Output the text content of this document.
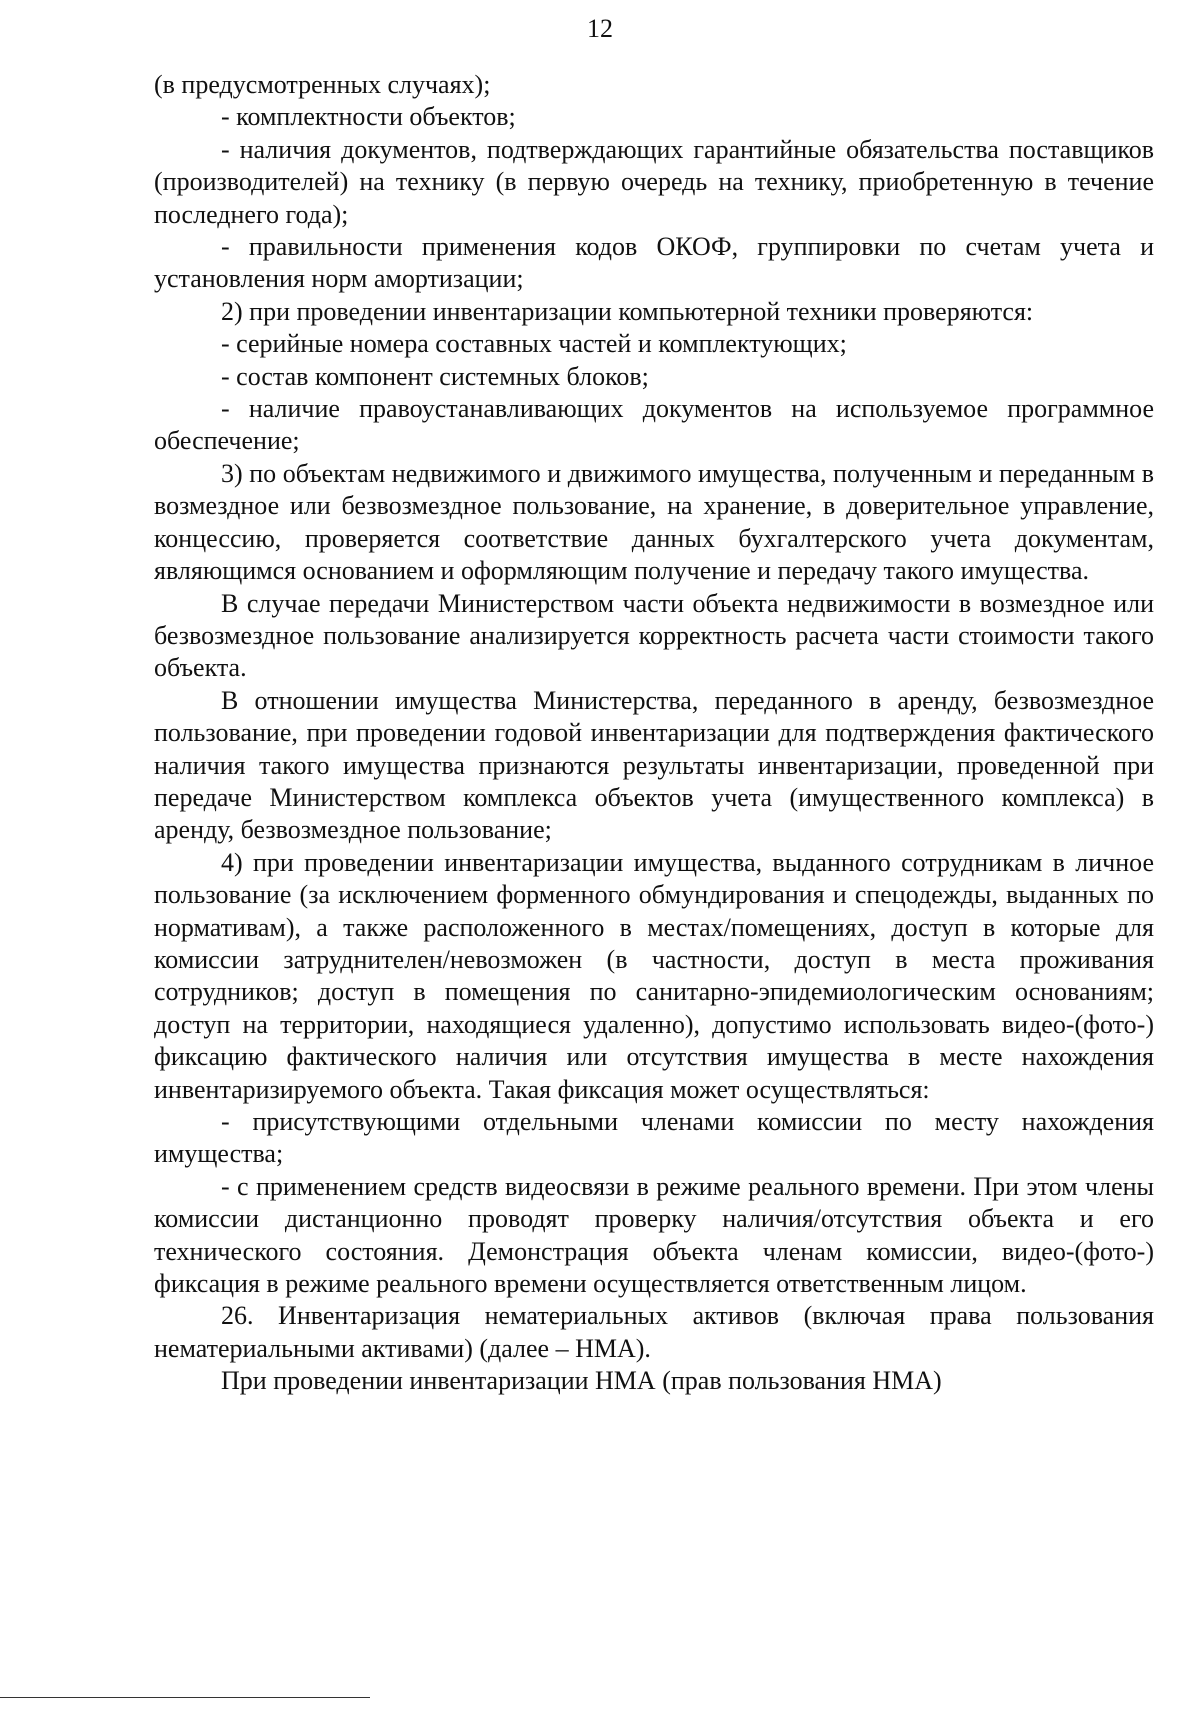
12

(в предусмотренных случаях);

- комплектности объектов;

- наличия документов, подтверждающих гарантийные обязательства поставщиков (производителей) на технику (в первую очередь на технику, приобретенную в течение последнего года);

- правильности применения кодов ОКОФ, группировки по счетам учета и установления норм амортизации;

2) при проведении инвентаризации компьютерной техники проверяются:

- серийные номера составных частей и комплектующих;

- состав компонент системных блоков;

- наличие правоустанавливающих документов на используемое программное обеспечение;

3) по объектам недвижимого и движимого имущества, полученным и переданным в возмездное или безвозмездное пользование, на хранение, в доверительное управление, концессию, проверяется соответствие данных бухгалтерского учета документам, являющимся основанием и оформляющим получение и передачу такого имущества.

В случае передачи Министерством части объекта недвижимости в возмездное или безвозмездное пользование анализируется корректность расчета части стоимости такого объекта.

В отношении имущества Министерства, переданного в аренду, безвозмездное пользование, при проведении годовой инвентаризации для подтверждения фактического наличия такого имущества признаются результаты инвентаризации, проведенной при передаче Министерством комплекса объектов учета (имущественного комплекса) в аренду, безвозмездное пользование;

4) при проведении инвентаризации имущества, выданного сотрудникам в личное пользование (за исключением форменного обмундирования и спецодежды, выданных по нормативам), а также расположенного в местах/помещениях, доступ в которые для комиссии затруднителен/невозможен (в частности, доступ в места проживания сотрудников; доступ в помещения по санитарно-эпидемиологическим основаниям; доступ на территории, находящиеся удаленно), допустимо использовать видео-(фото-) фиксацию фактического наличия или отсутствия имущества в месте нахождения инвентаризируемого объекта. Такая фиксация может осуществляться:

- присутствующими отдельными членами комиссии по месту нахождения имущества;

- с применением средств видеосвязи в режиме реального времени. При этом члены комиссии дистанционно проводят проверку наличия/отсутствия объекта и его технического состояния. Демонстрация объекта членам комиссии, видео-(фото-) фиксация в режиме реального времени осуществляется ответственным лицом.

26. Инвентаризация нематериальных активов (включая права пользования нематериальными активами) (далее – НМА).

При проведении инвентаризации НМА (прав пользования НМА)
